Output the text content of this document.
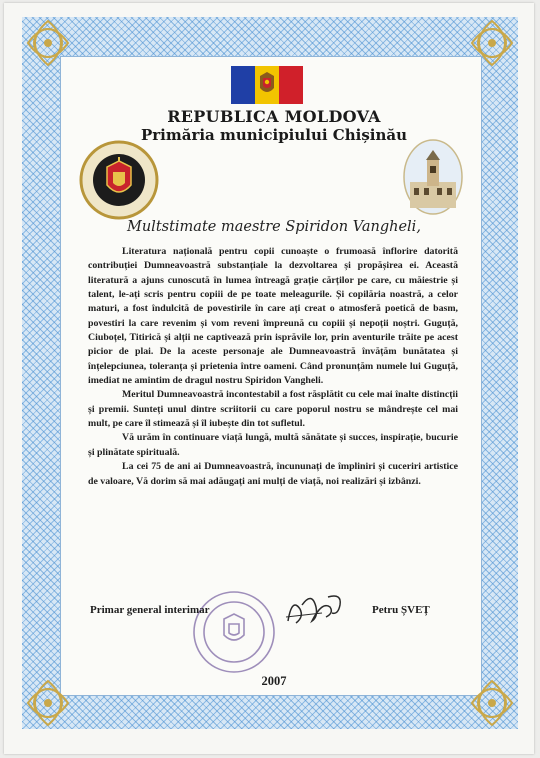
REPUBLICA MOLDOVA
Primăria municipiului Chișinău
Multstimate maestre Spiridon Vangheli,

Literatura națională pentru copii cunoaște o frumoasă înflorire datorită contribuției Dumneavoastră substanțiale la dezvoltarea și propășirea ei. Această literatură a ajuns cunoscută în lumea întreagă grație cărților pe care, cu măiestrie și talent, le-ați scris pentru copiii de pe toate meleagurile. Și copilăria noastră, a celor maturi, a fost îndulcită de povestirile în care ați creat o atmosferă poetică de basm, povestiri la care revenim și vom reveni împreună cu copiii și nepoții noștri. Guguță, Ciuboțel, Titirică și alții ne captivează prin isprăvile lor, prin aventurile trăite pe acest picior de plai. De la aceste personaje ale Dumneavoastră învățăm bunătatea și înțelepciunea, toleranța și prietenia între oameni. Când pronunțăm numele lui Guguță, imediat ne amintim de dragul nostru Spiridon Vangheli.

Meritul Dumneavoastră incontestabil a fost răsplătit cu cele mai înalte distincții și premii. Sunteți unul dintre scriitorii cu care poporul nostru se mândrește cel mai mult, pe care îl stimează și îl iubește din tot sufletul.

Vă urăm în continuare viață lungă, multă sănătate și succes, inspirație, bucurie și plinătate spirituală.

La cei 75 de ani ai Dumneavoastră, încununați de împliniri și cuceriri artistice de valoare, Vă dorim să mai adăugați ani mulți de viață, noi realizări și izbânzi.

Primar general interimar	Petru ȘVEȚ
2007
